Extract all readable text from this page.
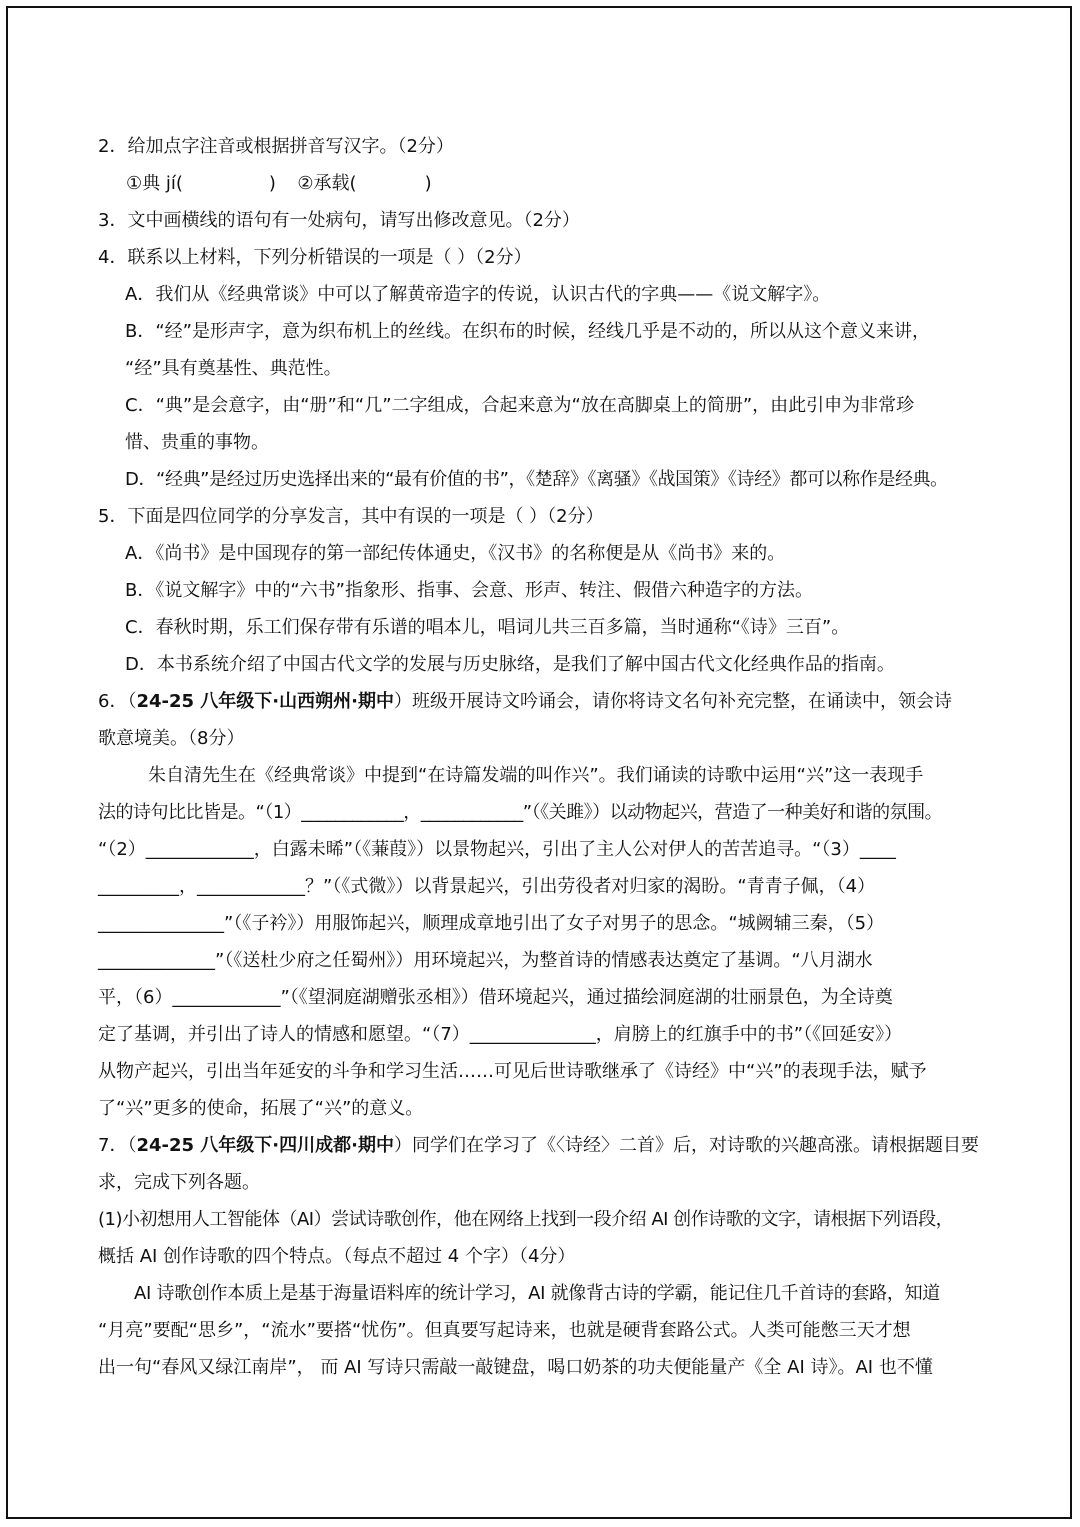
2．给加点字注音或根据拼音写汉字。（2分）
①典 jí(	) ②承载(	)
3．文中画横线的语句有一处病句，请写出修改意见。（2分）
4．联系以上材料，下列分析错误的一项是（ ）（2分）
A．我们从《经典常谈》中可以了解黄帝造字的传说，认识古代的字典——《说文解字》。
B．“经”是形声字，意为织布机上的丝线。在织布的时候，经线几乎是不动的，所以从这个意义来讲，
“经”具有奠基性、典范性。
C．“典”是会意字，由“册”和“几”二字组成，合起来意为“放在高脚桌上的简册”，由此引申为非常珍
惜、贵重的事物。
D．“经典”是经过历史选择出来的“最有价值的书”，《楚辞》《离骚》《战国策》《诗经》都可以称作是经典。
5．下面是四位同学的分享发言，其中有误的一项是（ ）（2分）
A．《尚书》是中国现存的第一部纪传体通史，《汉书》的名称便是从《尚书》来的。
B．《说文解字》中的“六书”指象形、指事、会意、形声、转注、假借六种造字的方法。
C．春秋时期，乐工们保存带有乐谱的唱本儿，唱词儿共三百多篇，当时通称“《诗》三百”。
D．本书系统介绍了中国古代文学的发展与历史脉络，是我们了解中国古代文化经典作品的指南。
6．（24-25 八年级下·山西朔州·期中）班级开展诗文吟诵会，请你将诗文名句补充完整，在诵读中，领会诗
歌意境美。（8分）
朱自清先生在《经典常谈》中提到“在诗篇发端的叫作兴”。我们诵读的诗歌中运用“兴”这一表现手
法的诗句比比皆是。“（1）____________，____________”（《关雎》）以动物起兴，营造了一种美好和谐的氛围。
“（2）____________，白露未晞”（《蒹葭》）以景物起兴，引出了主人公对伊人的苦苦追寻。“（3）____
_________，____________？”（《式微》）以背景起兴，引出劳役者对归家的渴盼。“青青子佩，（4）
______________”（《子衿》）用服饰起兴，顺理成章地引出了女子对男子的思念。“城阙辅三秦，（5）
_____________”（《送杜少府之任蜀州》）用环境起兴，为整首诗的情感表达奠定了基调。“八月湖水
平，（6）____________”（《望洞庭湖赠张丞相》）借环境起兴，通过描绘洞庭湖的壮丽景色，为全诗奠
定了基调，并引出了诗人的情感和愿望。“（7）______________，肩膀上的红旗手中的书”（《回延安》）
从物产起兴，引出当年延安的斗争和学习生活……可见后世诗歌继承了《诗经》中“兴”的表现手法，赋予
了“兴”更多的使命，拓展了“兴”的意义。
7．（24-25 八年级下·四川成都·期中）同学们在学习了《〈诗经〉二首》后，对诗歌的兴趣高涨。请根据题目要
求，完成下列各题。
(1)小初想用人工智能体（AI）尝试诗歌创作，他在网络上找到一段介绍 AI 创作诗歌的文字，请根据下列语段，
概括 AI 创作诗歌的四个特点。（每点不超过 4 个字）（4分）
AI 诗歌创作本质上是基于海量语料库的统计学习，AI 就像背古诗的学霸，能记住几千首诗的套路，知道
“月亮”要配“思乡”，“流水”要搭“忧伤”。但真要写起诗来，也就是硬背套路公式。人类可能憋三天才想
出一句“春风又绿江南岸”， 而 AI 写诗只需敲一敲键盘，喝口奶茶的功夫便能量产《全 AI 诗》。AI 也不懂
